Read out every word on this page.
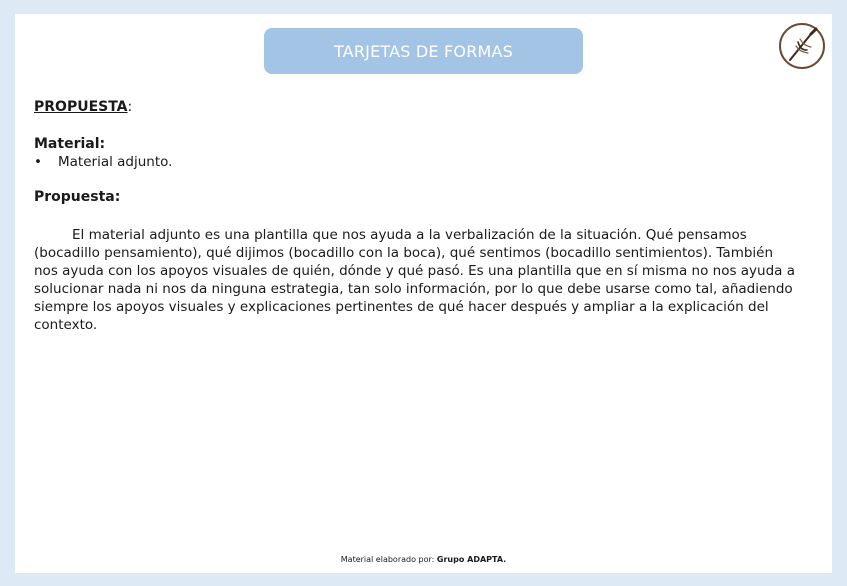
TARJETAS DE FORMAS

PROPUESTA:

Material:

•	Material adjunto.

Propuesta:

El material adjunto es una plantilla que nos ayuda a la verbalización de la situación. Qué pensamos (bocadillo pensamiento), qué dijimos (bocadillo con la boca), qué sentimos (bocadillo sentimientos). También nos ayuda con los apoyos visuales de quién, dónde y qué pasó. Es una plantilla que en sí misma no nos ayuda a solucionar nada ni nos da ninguna estrategia, tan solo información, por lo que debe usarse como tal, añadiendo siempre los apoyos visuales y explicaciones pertinentes de qué hacer después y ampliar a la explicación del contexto.

Material elaborado por: Grupo ADAPTA.
